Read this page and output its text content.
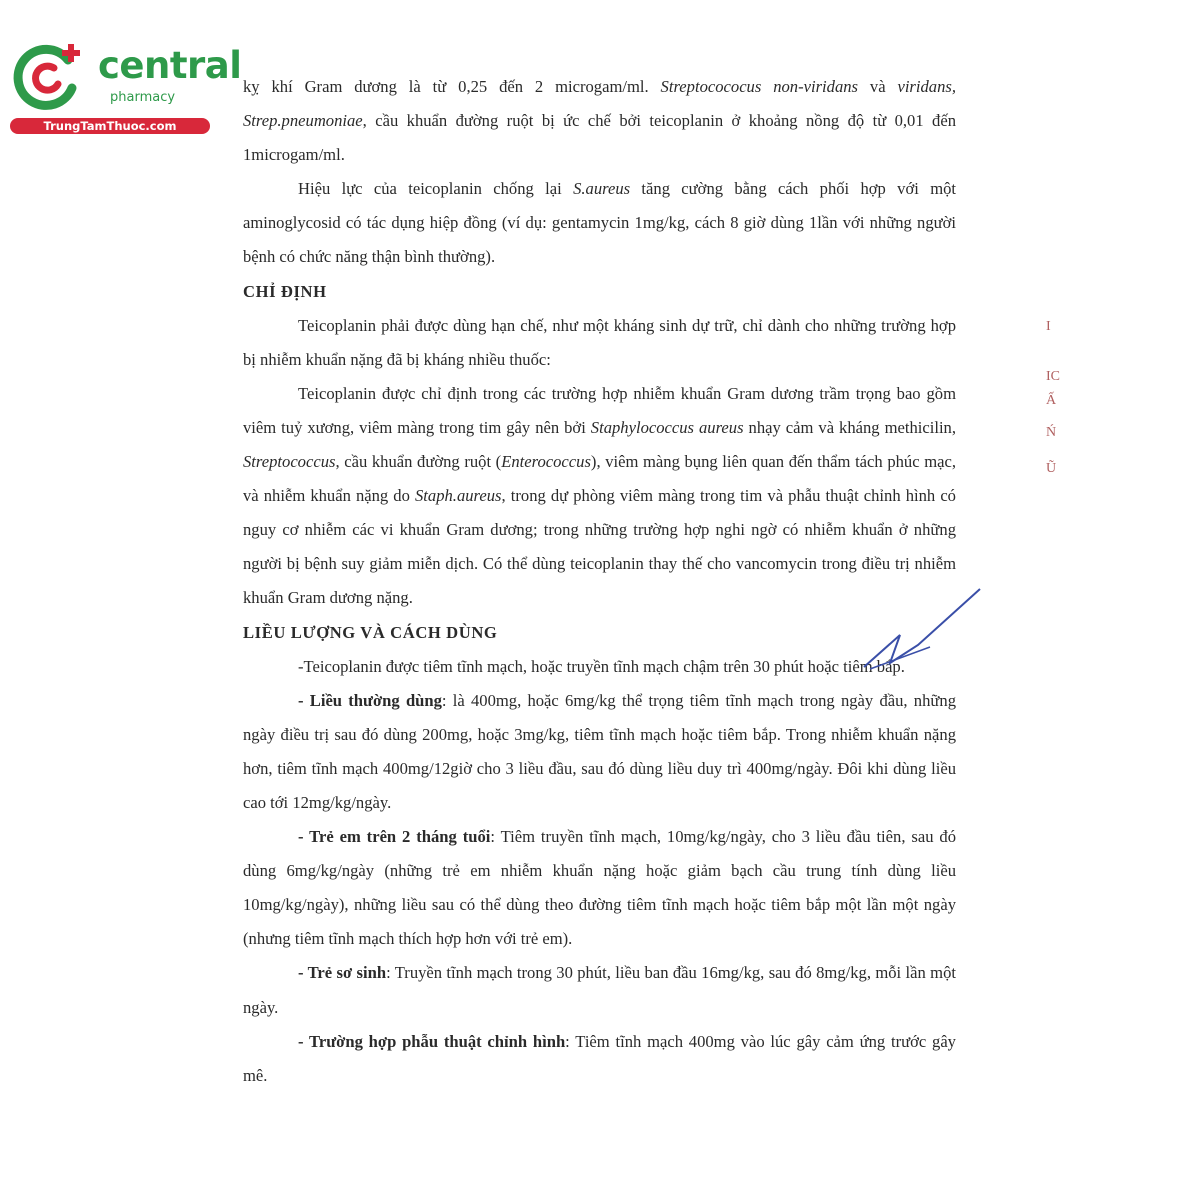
central
pharmacy
TrungTamThuoc.com

kỵ khí Gram dương là từ 0,25 đến 2 microgam/ml. Streptocococus non-viridans và viridans, Strep.pneumoniae, cầu khuẩn đường ruột bị ức chế bởi teicoplanin ở khoảng nồng độ từ 0,01 đến 1microgam/ml.

Hiệu lực của teicoplanin chống lại S.aureus tăng cường bằng cách phối hợp với một aminoglycosid có tác dụng hiệp đồng (ví dụ: gentamycin 1mg/kg, cách 8 giờ dùng 1lần với những người bệnh có chức năng thận bình thường).

CHỈ ĐỊNH

Teicoplanin phải được dùng hạn chế, như một kháng sinh dự trữ, chỉ dành cho những trường hợp bị nhiễm khuẩn nặng đã bị kháng nhiều thuốc:

Teicoplanin được chỉ định trong các trường hợp nhiễm khuẩn Gram dương trầm trọng bao gồm viêm tuỷ xương, viêm màng trong tim gây nên bởi Staphylococcus aureus nhạy cảm và kháng methicilin, Streptococcus, cầu khuẩn đường ruột (Enterococcus), viêm màng bụng liên quan đến thẩm tách phúc mạc, và nhiễm khuẩn nặng do Staph.aureus, trong dự phòng viêm màng trong tim và phẫu thuật chỉnh hình có nguy cơ nhiễm các vi khuẩn Gram dương; trong những trường hợp nghi ngờ có nhiễm khuẩn ở những người bị bệnh suy giảm miễn dịch. Có thể dùng teicoplanin thay thế cho vancomycin trong điều trị nhiễm khuẩn Gram dương nặng.

LIỀU LƯỢNG VÀ CÁCH DÙNG

-Teicoplanin được tiêm tĩnh mạch, hoặc truyền tĩnh mạch chậm trên 30 phút hoặc tiêm bắp.

- Liều thường dùng: là 400mg, hoặc 6mg/kg thể trọng tiêm tĩnh mạch trong ngày đầu, những ngày điều trị sau đó dùng 200mg, hoặc 3mg/kg, tiêm tĩnh mạch hoặc tiêm bắp. Trong nhiễm khuẩn nặng hơn, tiêm tĩnh mạch 400mg/12giờ cho 3 liều đầu, sau đó dùng liều duy trì 400mg/ngày. Đôi khi dùng liều cao tới 12mg/kg/ngày.

- Trẻ em trên 2 tháng tuổi: Tiêm truyền tĩnh mạch, 10mg/kg/ngày, cho 3 liều đầu tiên, sau đó dùng 6mg/kg/ngày (những trẻ em nhiễm khuẩn nặng hoặc giảm bạch cầu trung tính dùng liều 10mg/kg/ngày), những liều sau có thể dùng theo đường tiêm tĩnh mạch hoặc tiêm bắp một lần một ngày (nhưng tiêm tĩnh mạch thích hợp hơn với trẻ em).

- Trẻ sơ sinh: Truyền tĩnh mạch trong 30 phút, liều ban đầu 16mg/kg, sau đó 8mg/kg, mỗi lần một ngày.

- Trường hợp phẫu thuật chỉnh hình: Tiêm tĩnh mạch 400mg vào lúc gây cảm ứng trước gây mê.

I
IC
Ấ
Ń
Ũ
